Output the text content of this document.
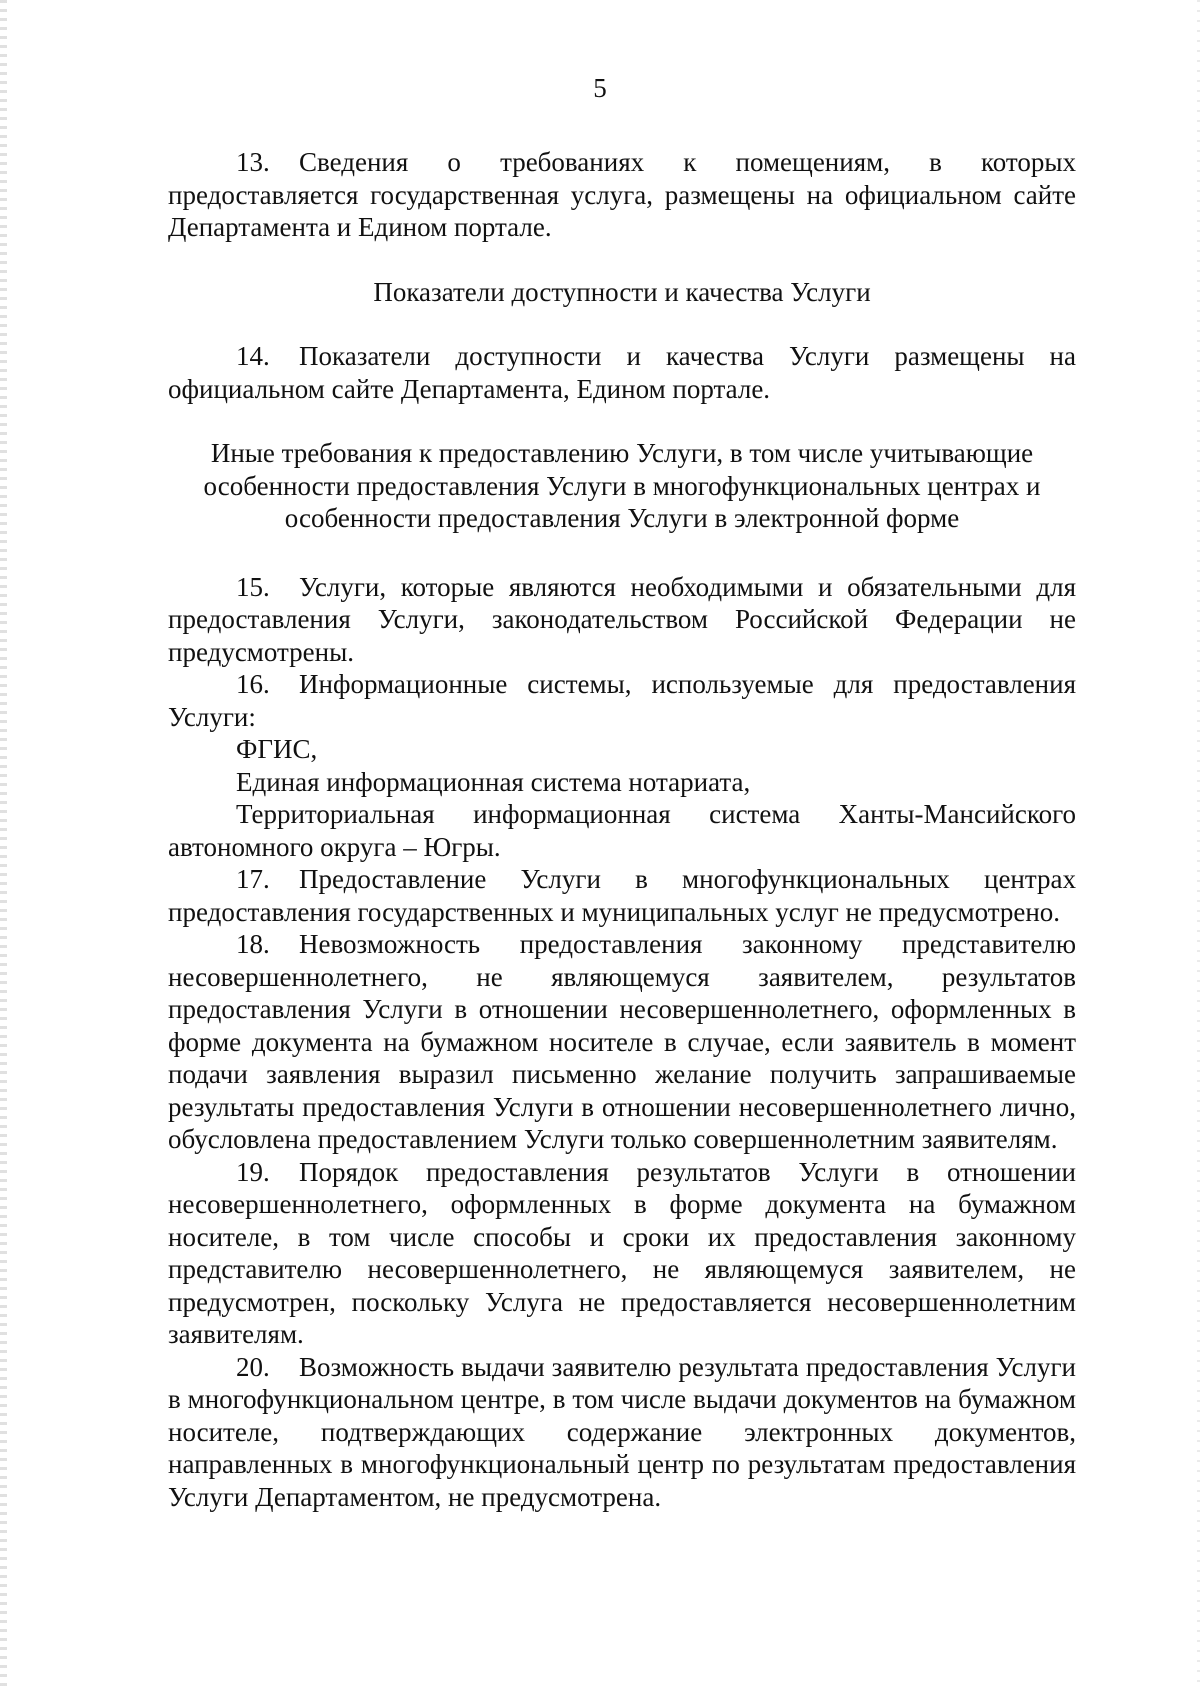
5

13. Сведения о требованиях к помещениям, в которых предоставляется государственная услуга, размещены на официальном сайте Департамента и Едином портале.

Показатели доступности и качества Услуги

14. Показатели доступности и качества Услуги размещены на официальном сайте Департамента, Едином портале.

Иные требования к предоставлению Услуги, в том числе учитывающие
особенности предоставления Услуги в многофункциональных центрах и
особенности предоставления Услуги в электронной форме

15. Услуги, которые являются необходимыми и обязательными для предоставления Услуги, законодательством Российской Федерации не предусмотрены.

16. Информационные системы, используемые для предоставления Услуги:

ФГИС,

Единая информационная система нотариата,

Территориальная информационная система Ханты-Мансийского автономного округа – Югры.

17. Предоставление Услуги в многофункциональных центрах предоставления государственных и муниципальных услуг не предусмотрено.

18. Невозможность предоставления законному представителю несовершеннолетнего, не являющемуся заявителем, результатов предоставления Услуги в отношении несовершеннолетнего, оформленных в форме документа на бумажном носителе в случае, если заявитель в момент подачи заявления выразил письменно желание получить запрашиваемые результаты предоставления Услуги в отношении несовершеннолетнего лично, обусловлена предоставлением Услуги только совершеннолетним заявителям.

19. Порядок предоставления результатов Услуги в отношении несовершеннолетнего, оформленных в форме документа на бумажном носителе, в том числе способы и сроки их предоставления законному представителю несовершеннолетнего, не являющемуся заявителем, не предусмотрен, поскольку Услуга не предоставляется несовершеннолетним заявителям.

20. Возможность выдачи заявителю результата предоставления Услуги в многофункциональном центре, в том числе выдачи документов на бумажном носителе, подтверждающих содержание электронных документов, направленных в многофункциональный центр по результатам предоставления Услуги Департаментом, не предусмотрена.
